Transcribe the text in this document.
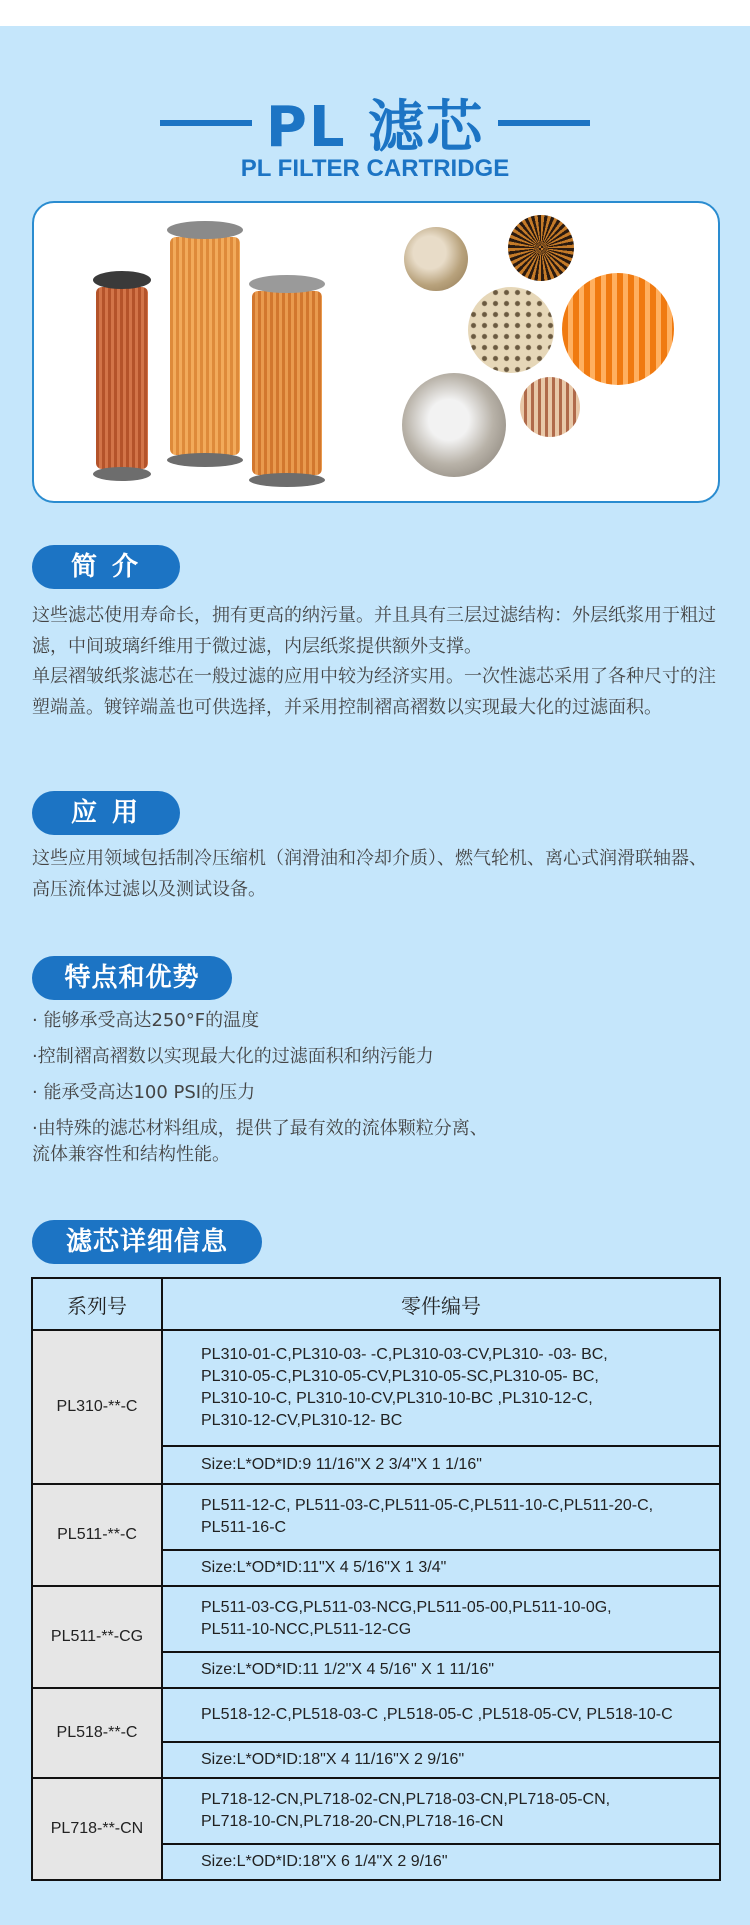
PL 滤芯
PL FILTER CARTRIDGE
简 介

这些滤芯使用寿命长，拥有更高的纳污量。并且具有三层过滤结构：外层纸浆用于粗过滤，中间玻璃纤维用于微过滤，内层纸浆提供额外支撑。

单层褶皱纸浆滤芯在一般过滤的应用中较为经济实用。一次性滤芯采用了各种尺寸的注塑端盖。镀锌端盖也可供选择，并采用控制褶高褶数以实现最大化的过滤面积。

应 用

这些应用领域包括制冷压缩机（润滑油和冷却介质）、燃气轮机、离心式润滑联轴器、高压流体过滤以及测试设备。

特点和优势

· 能够承受高达250°F的温度

·控制褶高褶数以实现最大化的过滤面积和纳污能力

· 能承受高达100 PSI的压力

·由特殊的滤芯材料组成，提供了最有效的流体颗粒分离、
流体兼容性和结构性能。

滤芯详细信息
系列号	零件编号
PL310-**-C	PL310-01-C,PL310-03- -C,PL310-03-CV,PL310- -03- BC,
PL310-05-C,PL310-05-CV,PL310-05-SC,PL310-05- BC,
PL310-10-C, PL310-10-CV,PL310-10-BC ,PL310-12-C,
PL310-12-CV,PL310-12- BC
	Size:L*OD*ID:9 11/16"X 2 3/4"X 1 1/16"
PL511-**-C	PL511-12-C, PL511-03-C,PL511-05-C,PL511-10-C,PL511-20-C,
PL511-16-C
	Size:L*OD*ID:11"X 4 5/16"X 1 3/4"
PL511-**-CG	PL511-03-CG,PL511-03-NCG,PL511-05-00,PL511-10-0G,
PL511-10-NCC,PL511-12-CG
	Size:L*OD*ID:11 1/2"X 4 5/16" X 1 11/16"
PL518-**-C	PL518-12-C,PL518-03-C ,PL518-05-C ,PL518-05-CV, PL518-10-C
	Size:L*OD*ID:18"X 4 11/16"X 2 9/16"
PL718-**-CN	PL718-12-CN,PL718-02-CN,PL718-03-CN,PL718-05-CN,
PL718-10-CN,PL718-20-CN,PL718-16-CN
	Size:L*OD*ID:18"X 6 1/4"X 2 9/16"
